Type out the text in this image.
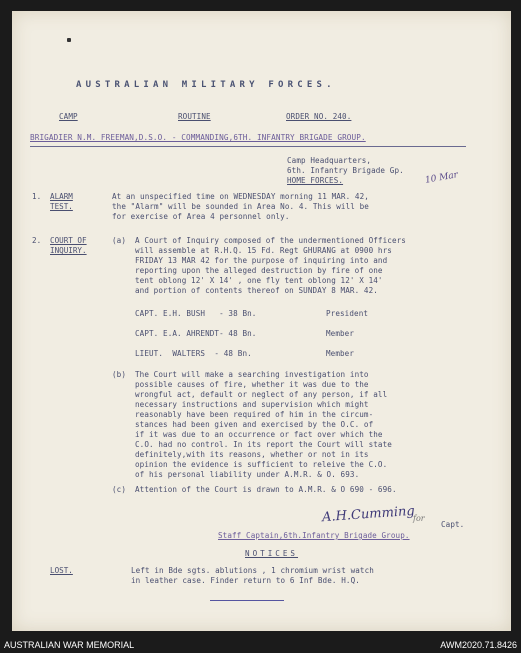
AUSTRALIAN MILITARY FORCES.
CAMP	ROUTINE	ORDER NO. 240.
BRIGADIER N.M. FREEMAN,D.S.O. - COMMANDING,6TH. INFANTRY BRIGADE GROUP.
Camp Headquarters,
6th. Infantry Brigade Gp.
HOME FORCES.	10 Mar
1. ALARM
TEST.
At an unspecified time on WEDNESDAY morning 11 MAR. 42,
the "Alarm" will be sounded in Area No. 4. This will be
for exercise of Area 4 personnel only.
2. COURT OF
INQUIRY.
(a) A Court of Inquiry composed of the undermentioned Officers
will assemble at R.H.Q. 15 Fd. Regt GHURANG at 0900 hrs
FRIDAY 13 MAR 42 for the purpose of inquiring into and
reporting upon the alleged destruction by fire of one
tent oblong 12' X 14' , one fly tent oblong 12' X 14'
and portion of contents thereof on SUNDAY 8 MAR. 42.
CAPT. E.H. BUSH   - 38 Bn.	President
CAPT. E.A. AHRENDT- 48 Bn.	Member
LIEUT.  WALTERS  - 48 Bn.	Member
(b) The Court will make a searching investigation into
possible causes of fire, whether it was due to the
wrongful act, default or neglect of any person, if all
necessary instructions and supervision which might
reasonably have been required of him in the circum-
stances had been given and exercised by the O.C. of
if it was due to an occurrence or fact over which the
C.O. had no control. In its report the Court will state
definitely,with its reasons, whether or not in its
opinion the evidence is sufficient to releive the C.O.
of his personal liability under A.M.R. & O. 693.
(c) Attention of the Court is drawn to A.M.R. & O 690 - 696.
A.H.Cumming
for
Capt.
Staff Captain,6th.Infantry Brigade Group.
NOTICES
LOST.	Left in Bde sgts. ablutions , 1 chromium wrist watch
in leather case. Finder return to 6 Inf Bde. H.Q.
AUSTRALIAN WAR MEMORIAL	AWM2020.71.8426
